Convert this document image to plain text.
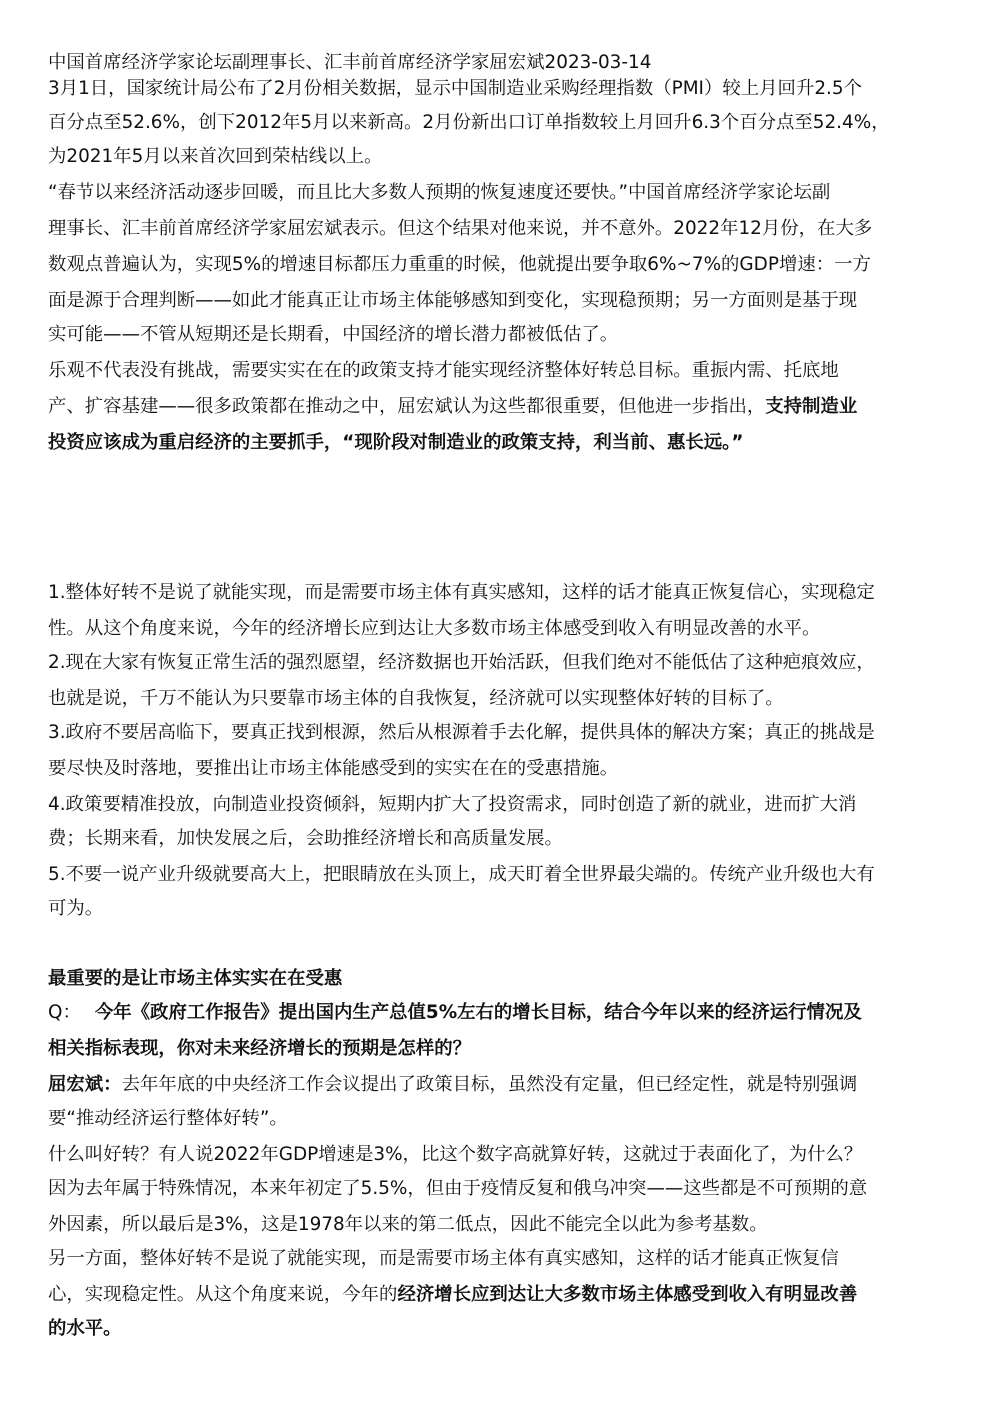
中国首席经济学家论坛副理事长、汇丰前首席经济学家屈宏斌2023-03-14
3月1日，国家统计局公布了2月份相关数据，显示中国制造业采购经理指数（PMI）较上月回升2.5个
百分点至52.6%，创下2012年5月以来新高。2月份新出口订单指数较上月回升6.3个百分点至52.4%，
为2021年5月以来首次回到荣枯线以上。
“春节以来经济活动逐步回暖，而且比大多数人预期的恢复速度还要快。”中国首席经济学家论坛副
理事长、汇丰前首席经济学家屈宏斌表示。但这个结果对他来说，并不意外。2022年12月份，在大多
数观点普遍认为，实现5%的增速目标都压力重重的时候，他就提出要争取6%~7%的GDP增速：一方
面是源于合理判断——如此才能真正让市场主体能够感知到变化，实现稳预期；另一方面则是基于现
实可能——不管从短期还是长期看，中国经济的增长潜力都被低估了。
乐观不代表没有挑战，需要实实在在的政策支持才能实现经济整体好转总目标。重振内需、托底地
产、扩容基建——很多政策都在推动之中，屈宏斌认为这些都很重要，但他进一步指出，支持制造业
投资应该成为重启经济的主要抓手，“现阶段对制造业的政策支持，利当前、惠长远。”
1.整体好转不是说了就能实现，而是需要市场主体有真实感知，这样的话才能真正恢复信心，实现稳定
性。从这个角度来说，今年的经济增长应到达让大多数市场主体感受到收入有明显改善的水平。
2.现在大家有恢复正常生活的强烈愿望，经济数据也开始活跃，但我们绝对不能低估了这种疤痕效应，
也就是说，千万不能认为只要靠市场主体的自我恢复，经济就可以实现整体好转的目标了。
3.政府不要居高临下，要真正找到根源，然后从根源着手去化解，提供具体的解决方案；真正的挑战是
要尽快及时落地，要推出让市场主体能感受到的实实在在的受惠措施。
4.政策要精准投放，向制造业投资倾斜，短期内扩大了投资需求，同时创造了新的就业，进而扩大消
费；长期来看，加快发展之后，会助推经济增长和高质量发展。
5.不要一说产业升级就要高大上，把眼睛放在头顶上，成天盯着全世界最尖端的。传统产业升级也大有
可为。
最重要的是让市场主体实实在在受惠
Q： 今年《政府工作报告》提出国内生产总值5%左右的增长目标，结合今年以来的经济运行情况及
相关指标表现，你对未来经济增长的预期是怎样的？
屈宏斌：去年年底的中央经济工作会议提出了政策目标，虽然没有定量，但已经定性，就是特别强调
要“推动经济运行整体好转”。
什么叫好转？有人说2022年GDP增速是3%，比这个数字高就算好转，这就过于表面化了，为什么？
因为去年属于特殊情况，本来年初定了5.5%，但由于疫情反复和俄乌冲突——这些都是不可预期的意
外因素，所以最后是3%，这是1978年以来的第二低点，因此不能完全以此为参考基数。
另一方面，整体好转不是说了就能实现，而是需要市场主体有真实感知，这样的话才能真正恢复信
心，实现稳定性。从这个角度来说，今年的经济增长应到达让大多数市场主体感受到收入有明显改善
的水平。
